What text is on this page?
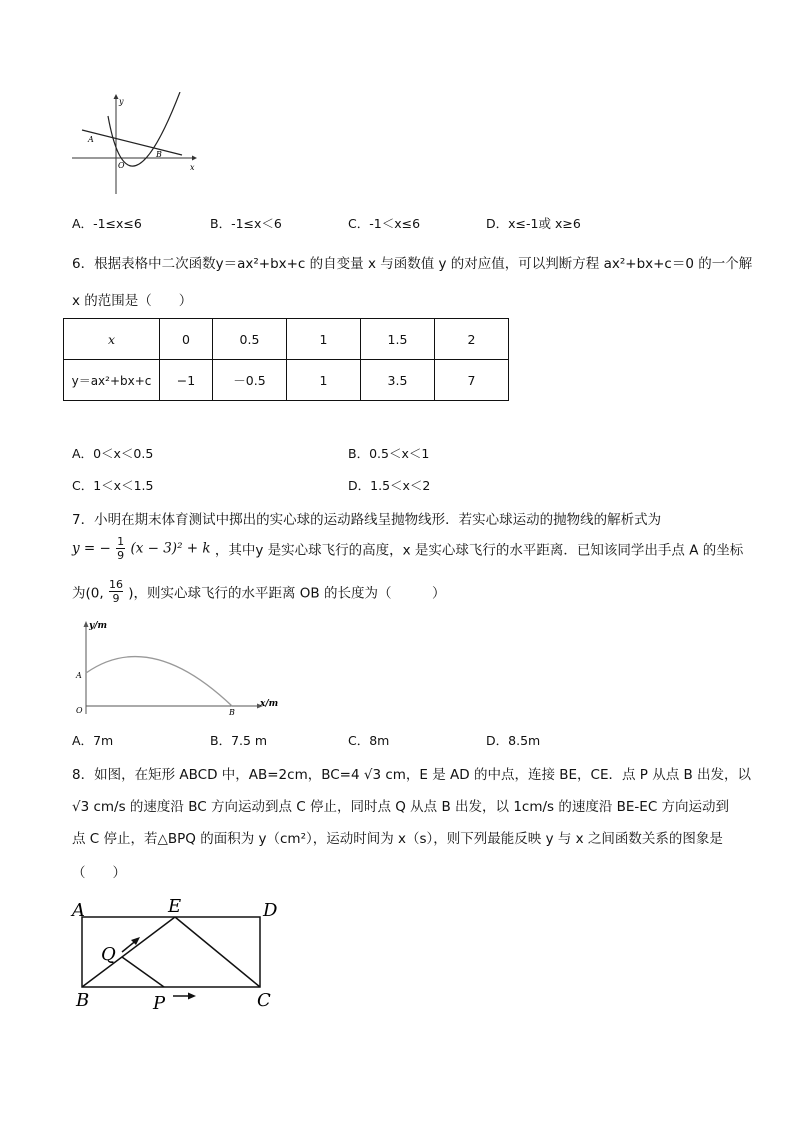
y
x
O
A
B
A．-1≤x≤6	B．-1≤x＜6	C．-1＜x≤6	D．x≤-1或 x≥6
6．根据表格中二次函数y＝ax²+bx+c 的自变量 x 与函数值 y 的对应值，可以判断方程 ax²+bx+c＝0 的一个解
x 的范围是（　　）
x	0	0.5	1	1.5	2
y＝ax²+bx+c	−1	－0.5	1	3.5	7
A．0＜x＜0.5	B．0.5＜x＜1
C．1＜x＜1.5	D．1.5＜x＜2
7．小明在期末体育测试中掷出的实心球的运动路线呈抛物线形．若实心球运动的抛物线的解析式为
y = − $\frac{1}{9} (x - 3)^2 + k$ ，其中y 是实心球飞行的高度，x 是实心球飞行的水平距离．已知该同学出手点 A 的坐标
为(0, $\frac{16}{9}$ )，则实心球飞行的水平距离 OB 的长度为（　　　）
y/m
x/m
O
A
B
A．7m	B．7.5 m	C．8m	D．8.5m
8．如图，在矩形 ABCD 中，AB=2cm，BC=4 √3 cm，E 是 AD 的中点，连接 BE，CE．点 P 从点 B 出发，以
√3 cm/s 的速度沿 BC 方向运动到点 C 停止，同时点 Q 从点 B 出发，以 1cm/s 的速度沿 BE-EC 方向运动到
点 C 停止，若△BPQ 的面积为 y（cm²），运动时间为 x（s），则下列最能反映 y 与 x 之间函数关系的图象是
（　　）
A	E	D
Q
B	P	C
